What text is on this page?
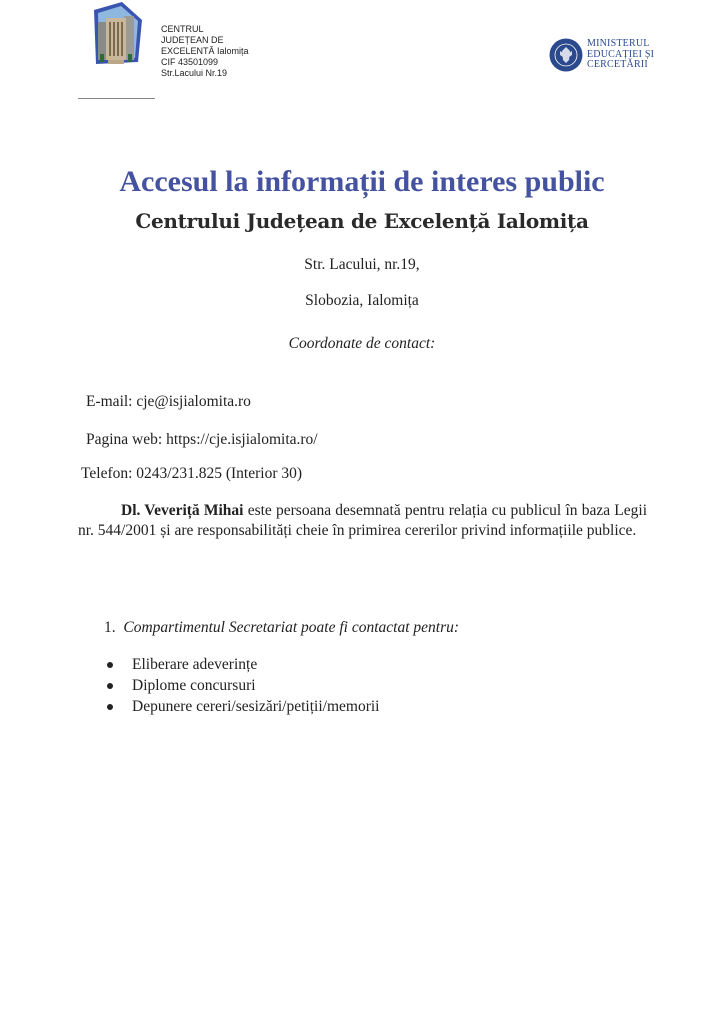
CENTRUL
JUDEȚEAN DE
EXCELENTĂ Ialomița
CIF 43501099
Str.Lacului Nr.19
MINISTERUL
EDUCAȚIEI ȘI
CERCETĂRII
Accesul la informații de interes public
Centrului Județean de Excelență Ialomița
Str. Lacului, nr.19,
Slobozia, Ialomița
Coordonate de contact:
E-mail: cje@isjialomita.ro
Pagina web: https://cje.isjialomita.ro/
Telefon: 0243/231.825 (Interior 30)
Dl. Veveriță Mihai este persoana desemnată pentru relația cu publicul în baza Legii nr. 544/2001 și are responsabilități cheie în primirea cererilor privind informațiile publice.
1. Compartimentul Secretariat poate fi contactat pentru:
Eliberare adeverințe
Diplome concursuri
Depunere cereri/sesizări/petiții/memorii
